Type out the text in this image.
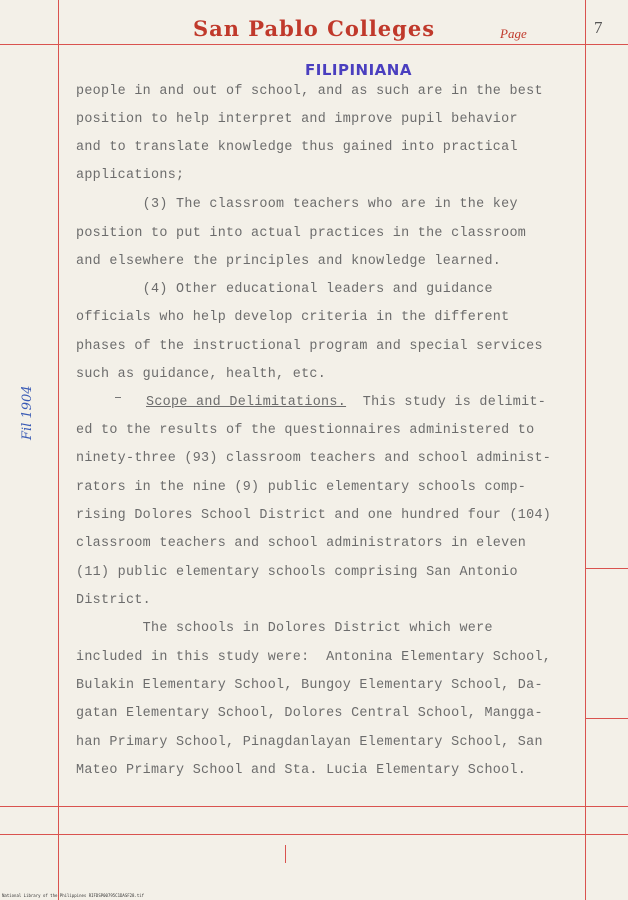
San Pablo Colleges	Page	7
FILIPINIANA
Fil 1904
people in and out of school, and as such are in the best
position to help interpret and improve pupil behavior
and to translate knowledge thus gained into practical
applications;
(3) The classroom teachers who are in the key
position to put into actual practices in the classroom
and elsewhere the principles and knowledge learned.
(4) Other educational leaders and guidance
officials who help develop criteria in the different
phases of the instructional program and special services
such as guidance, health, etc.
Scope and Delimitations.  This study is delimit-
ed to the results of the questionnaires administered to
ninety-three (93) classroom teachers and school administ-
rators in the nine (9) public elementary schools comp-
rising Dolores School District and one hundred four (104)
classroom teachers and school administrators in eleven
(11) public elementary schools comprising San Antonio
District.
The schools in Dolores District which were
included in this study were:  Antonina Elementary School,
Bulakin Elementary School, Bungoy Elementary School, Da-
gatan Elementary School, Dolores Central School, Mangga-
han Primary School, Pinagdanlayan Elementary School, San
Mateo Primary School and Sta. Lucia Elementary School.
National Library of the Philippines RIFDSP00795C1DASF28.tif
